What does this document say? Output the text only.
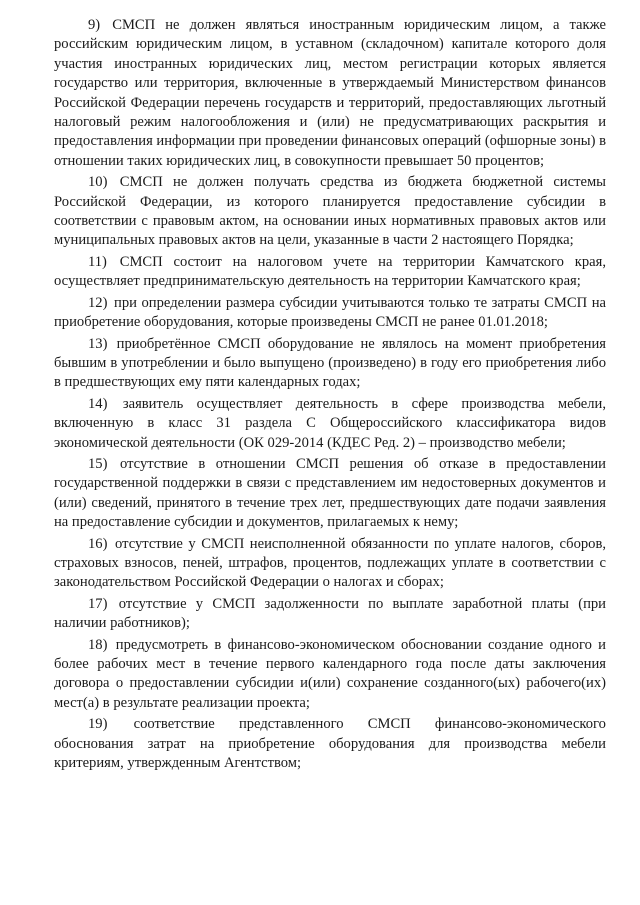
9) СМСП не должен являться иностранным юридическим лицом, а также российским юридическим лицом, в уставном (складочном) капитале которого доля участия иностранных юридических лиц, местом регистрации которых является государство или территория, включенные в утверждаемый Министерством финансов Российской Федерации перечень государств и территорий, предоставляющих льготный налоговый режим налогообложения и (или) не предусматривающих раскрытия и предоставления информации при проведении финансовых операций (офшорные зоны) в отношении таких юридических лиц, в совокупности превышает 50 процентов;

10) СМСП не должен получать средства из бюджета бюджетной системы Российской Федерации, из которого планируется предоставление субсидии в соответствии с правовым актом, на основании иных нормативных правовых актов или муниципальных правовых актов на цели, указанные в части 2 настоящего Порядка;

11) СМСП состоит на налоговом учете на территории Камчатского края, осуществляет предпринимательскую деятельность на территории Камчатского края;

12) при определении размера субсидии учитываются только те затраты СМСП на приобретение оборудования, которые произведены СМСП не ранее 01.01.2018;

13) приобретённое СМСП оборудование не являлось на момент приобретения бывшим в употреблении и было выпущено (произведено) в году его приобретения либо в предшествующих ему пяти календарных годах;

14) заявитель осуществляет деятельность в сфере производства мебели, включенную в класс 31 раздела С Общероссийского классификатора видов экономической деятельности (ОК 029-2014 (КДЕС Ред. 2) – производство мебели;

15) отсутствие в отношении СМСП решения об отказе в предоставлении государственной поддержки в связи с представлением им недостоверных документов и (или) сведений, принятого в течение трех лет, предшествующих дате подачи заявления на предоставление субсидии и документов, прилагаемых к нему;

16) отсутствие у СМСП неисполненной обязанности по уплате налогов, сборов, страховых взносов, пеней, штрафов, процентов, подлежащих уплате в соответствии с законодательством Российской Федерации о налогах и сборах;

17) отсутствие у СМСП задолженности по выплате заработной платы (при наличии работников);

18) предусмотреть в финансово-экономическом обосновании создание одного и более рабочих мест в течение первого календарного года после даты заключения договора о предоставлении субсидии и(или) сохранение созданного(ых) рабочего(их) мест(а) в результате реализации проекта;

19) соответствие представленного СМСП финансово-экономического обоснования затрат на приобретение оборудования для производства мебели критериям, утвержденным Агентством;
